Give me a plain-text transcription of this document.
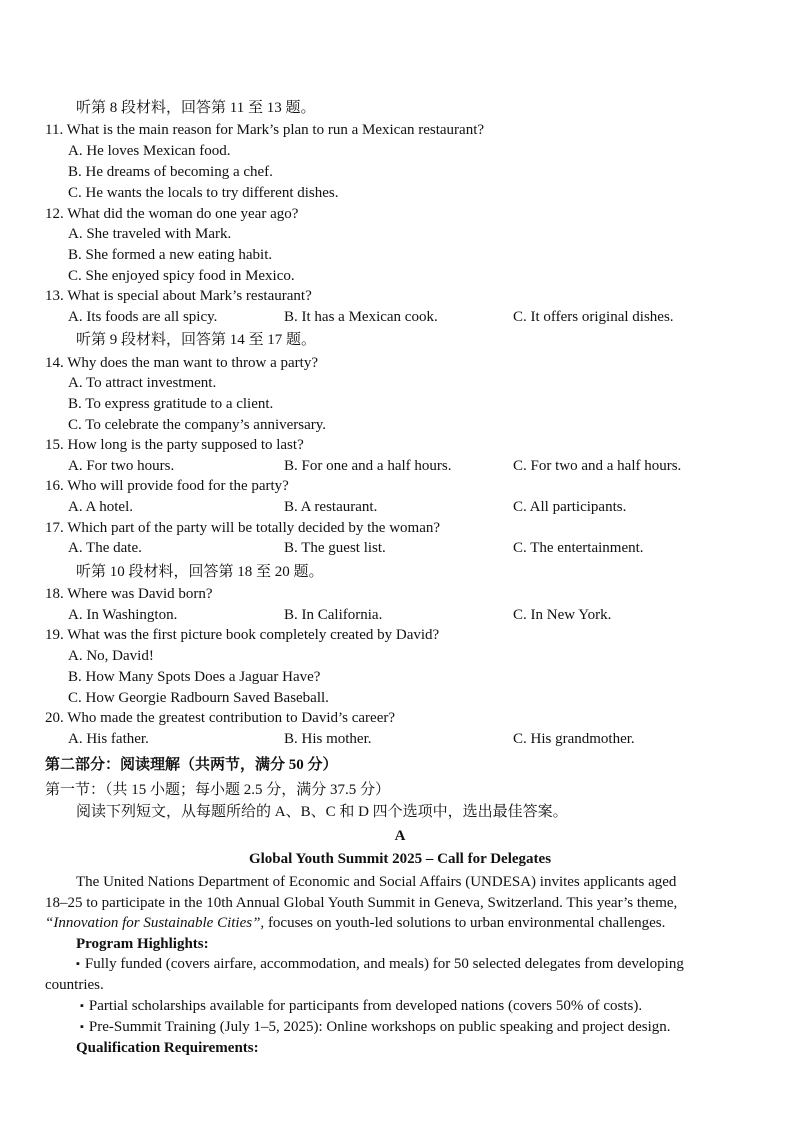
听第 8 段材料，回答第 11 至 13 题。
11. What is the main reason for Mark’s plan to run a Mexican restaurant?
A. He loves Mexican food.
B. He dreams of becoming a chef.
C. He wants the locals to try different dishes.
12. What did the woman do one year ago?
A. She traveled with Mark.
B. She formed a new eating habit.
C. She enjoyed spicy food in Mexico.
13. What is special about Mark’s restaurant?
A. Its foods are all spicy.	B. It has a Mexican cook.	C. It offers original dishes.
听第 9 段材料，回答第 14 至 17 题。
14. Why does the man want to throw a party?
A. To attract investment.
B. To express gratitude to a client.
C. To celebrate the company’s anniversary.
15. How long is the party supposed to last?
A. For two hours.	B. For one and a half hours.	C. For two and a half hours.
16. Who will provide food for the party?
A. A hotel.	B. A restaurant.	C. All participants.
17. Which part of the party will be totally decided by the woman?
A. The date.	B. The guest list.	C. The entertainment.
听第 10 段材料，回答第 18 至 20 题。
18. Where was David born?
A. In Washington.	B. In California.	C. In New York.
19. What was the first picture book completely created by David?
A. No, David!
B. How Many Spots Does a Jaguar Have?
C. How Georgie Radbourn Saved Baseball.
20. Who made the greatest contribution to David’s career?
A. His father.	B. His mother.	C. His grandmother.
第二部分：阅读理解（共两节，满分 50 分）
第一节：（共 15 小题；每小题 2.5 分，满分 37.5 分）
阅读下列短文，从每题所给的 A、B、C 和 D 四个选项中，选出最佳答案。
A
Global Youth Summit 2025 – Call for Delegates
The United Nations Department of Economic and Social Affairs (UNDESA) invites applicants aged
18–25 to participate in the 10th Annual Global Youth Summit in Geneva, Switzerland. This year’s theme,
“Innovation for Sustainable Cities”, focuses on youth-led solutions to urban environmental challenges.
Program Highlights:
▪ Fully funded (covers airfare, accommodation, and meals) for 50 selected delegates from developing
countries.
▪ Partial scholarships available for participants from developed nations (covers 50% of costs).
▪ Pre-Summit Training (July 1–5, 2025): Online workshops on public speaking and project design.
Qualification Requirements:
